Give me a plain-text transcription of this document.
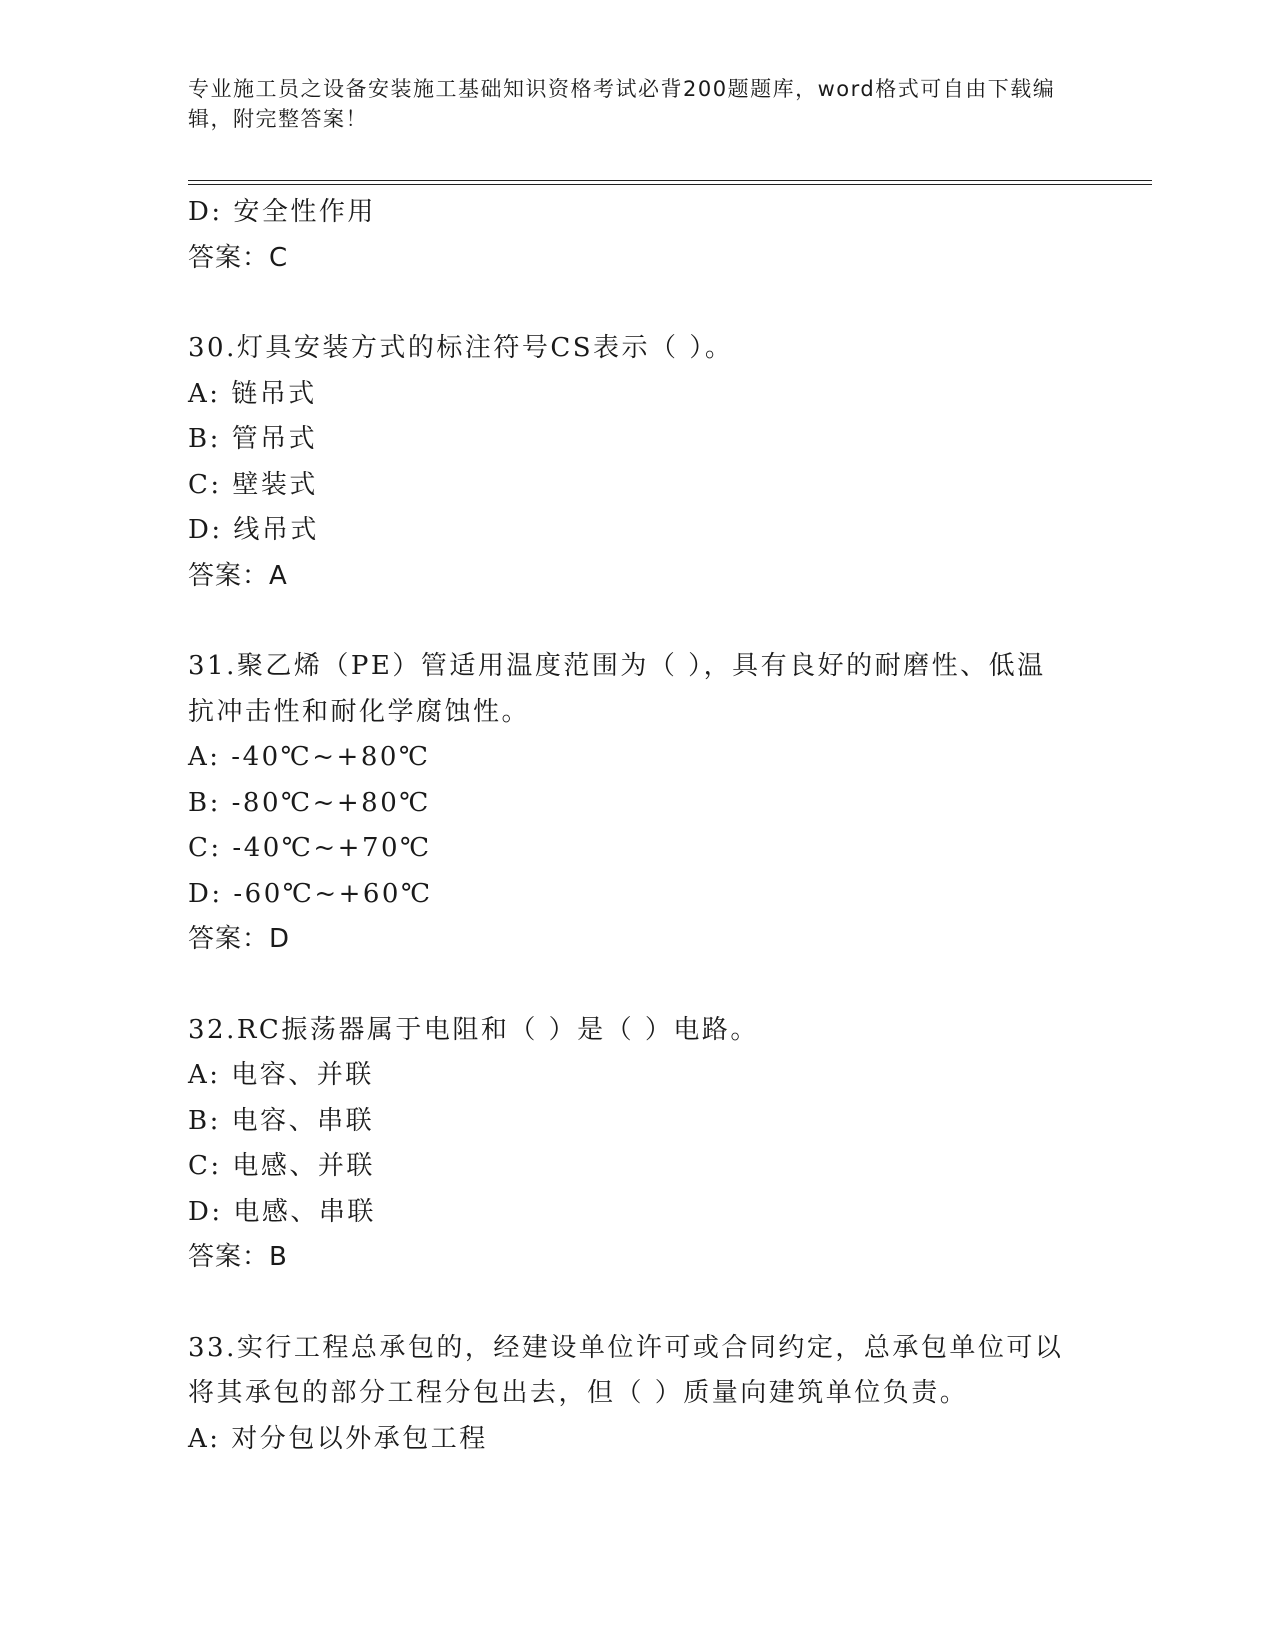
专业施工员之设备安装施工基础知识资格考试必背200题题库，word格式可自由下载编辑，附完整答案！
D: 安全性作用
答案：C
30.灯具安装方式的标注符号CS表示（ ）。
A: 链吊式
B: 管吊式
C: 壁装式
D: 线吊式
答案：A
31.聚乙烯（PE）管适用温度范围为（ ），具有良好的耐磨性、低温
抗冲击性和耐化学腐蚀性。
A: -40℃~+80℃
B: -80℃~+80℃
C: -40℃~+70℃
D: -60℃~+60℃
答案：D
32.RC振荡器属于电阻和（ ）是（ ）电路。
A: 电容、并联
B: 电容、串联
C: 电感、并联
D: 电感、串联
答案：B
33.实行工程总承包的，经建设单位许可或合同约定，总承包单位可以
将其承包的部分工程分包出去，但（ ）质量向建筑单位负责。
A: 对分包以外承包工程
